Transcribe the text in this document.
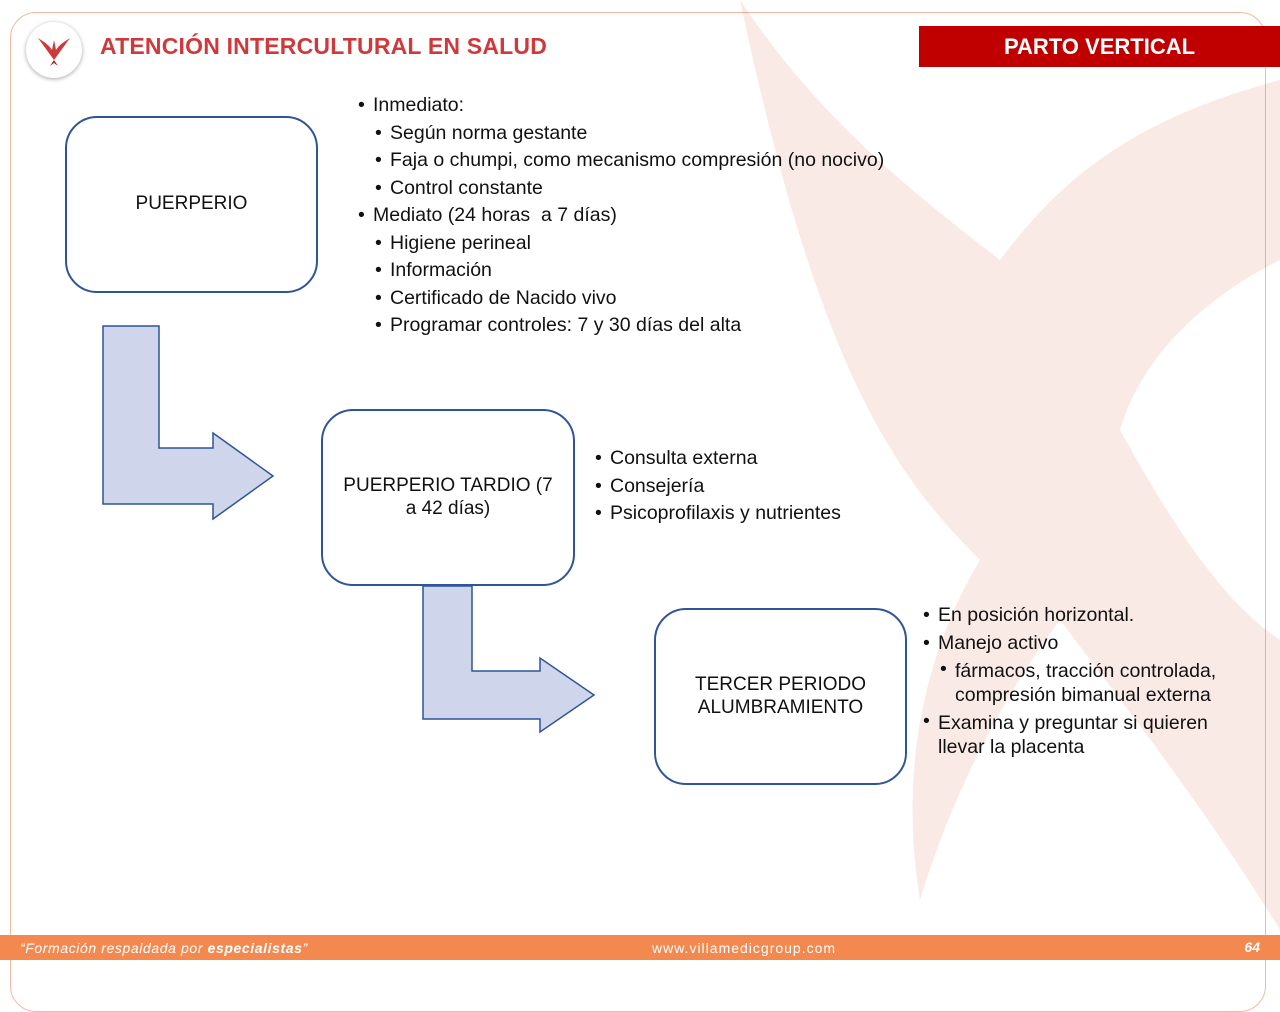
ATENCIÓN INTERCULTURAL EN SALUD	PARTO VERTICAL
PUERPERIO
PUERPERIO TARDIO (7 a 42 días)
TERCER PERIODO ALUMBRAMIENTO
• Inmediato:
• Según norma gestante
• Faja o chumpi, como mecanismo compresión (no nocivo)
• Control constante
• Mediato (24 horas  a 7 días)
• Higiene perineal
• Información
• Certificado de Nacido vivo
• Programar controles: 7 y 30 días del alta
• Consulta externa
• Consejería
• Psicoprofilaxis y nutrientes
• En posición horizontal.
• Manejo activo
• fármacos, tracción controlada, compresión bimanual externa
• Examina y preguntar si quieren llevar la placenta
“Formación respaldada por especialistas”	www.villamedicgroup.com	64
